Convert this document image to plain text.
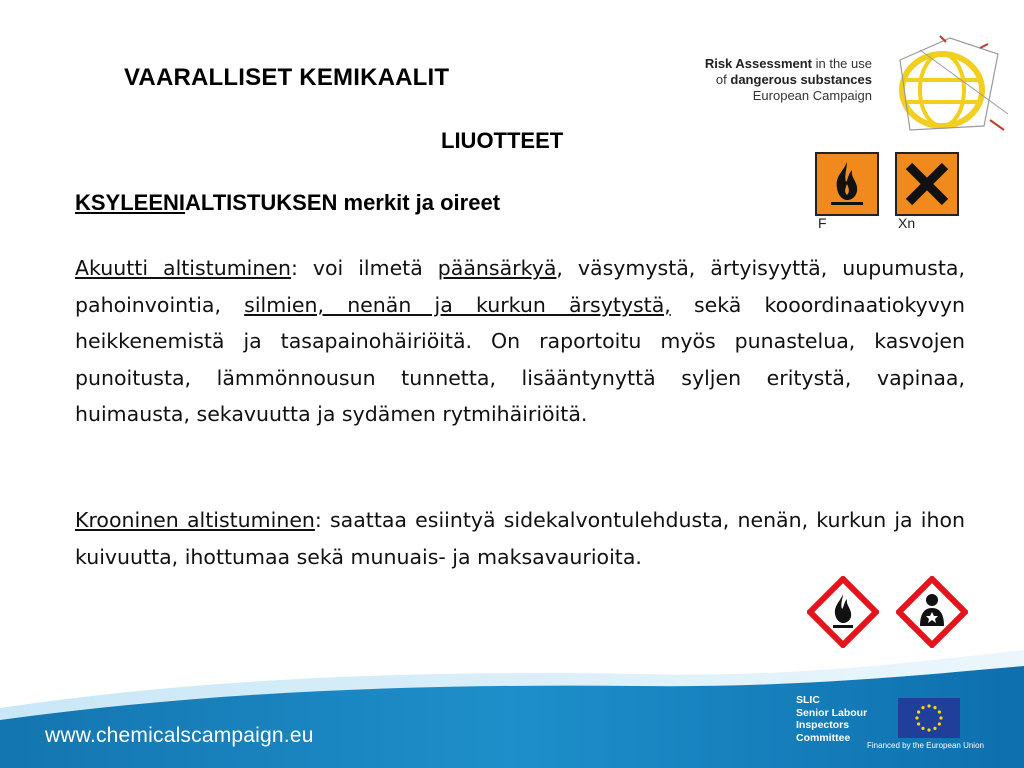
VAARALLISET KEMIKAALIT
LIUOTTEET
Risk Assessment in the use
of dangerous substances
European Campaign
F	Xn
KSYLEENIALTISTUKSEN merkit ja oireet
Akuutti altistuminen: voi ilmetä päänsärkyä, väsymystä, ärtyisyyttä, uupumusta, pahoinvointia, silmien, nenän ja kurkun ärsytystä, sekä kooordinaatiokyvyn heikkenemistä ja tasapainohäiriöitä. On raportoitu myös punastelua, kasvojen punoitusta, lämmönnousun tunnetta, lisääntynyttä syljen eritystä, vapinaa, huimausta, sekavuutta ja sydämen rytmihäiriöitä.
Krooninen altistuminen: saattaa esiintyä sidekalvontulehdusta, nenän, kurkun ja ihon kuivuutta, ihottumaa sekä munuais- ja maksavaurioita.
www.chemicalscampaign.eu
SLIC
Senior Labour
Inspectors
Committee
Financed by the European Union
